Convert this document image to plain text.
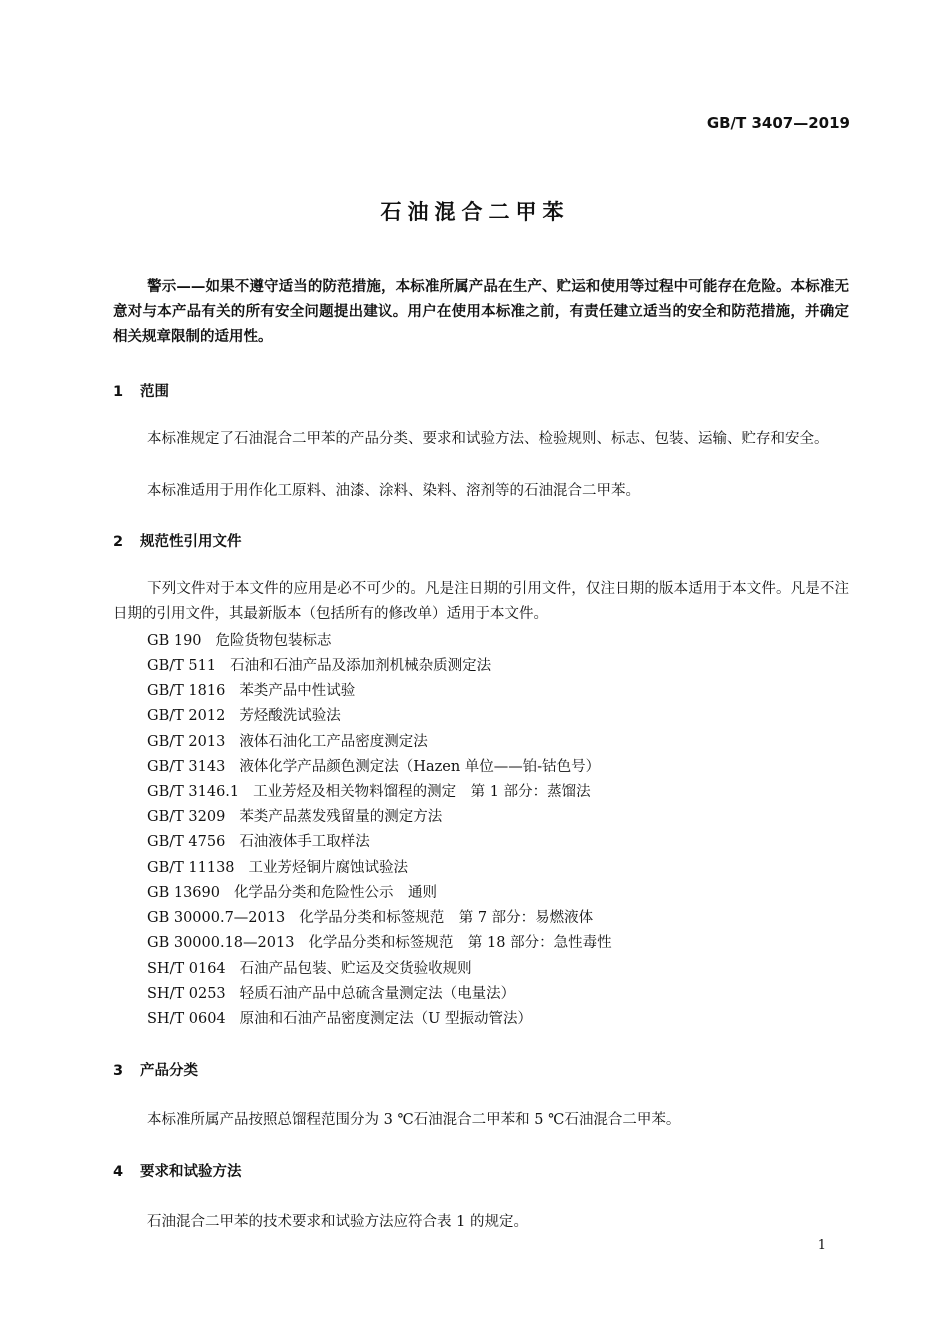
GB/T 3407—2019
石油混合二甲苯
警示——如果不遵守适当的防范措施，本标准所属产品在生产、贮运和使用等过程中可能存在危险。本标准无意对与本产品有关的所有安全问题提出建议。用户在使用本标准之前，有责任建立适当的安全和防范措施，并确定相关规章限制的适用性。
1 范围
本标准规定了石油混合二甲苯的产品分类、要求和试验方法、检验规则、标志、包装、运输、贮存和安全。
本标准适用于用作化工原料、油漆、涂料、染料、溶剂等的石油混合二甲苯。
2 规范性引用文件
下列文件对于本文件的应用是必不可少的。凡是注日期的引用文件，仅注日期的版本适用于本文件。凡是不注日期的引用文件，其最新版本（包括所有的修改单）适用于本文件。
GB 190 危险货物包装标志
GB/T 511 石油和石油产品及添加剂机械杂质测定法
GB/T 1816 苯类产品中性试验
GB/T 2012 芳烃酸洗试验法
GB/T 2013 液体石油化工产品密度测定法
GB/T 3143 液体化学产品颜色测定法（Hazen 单位——铂-钴色号）
GB/T 3146.1 工业芳烃及相关物料馏程的测定　第 1 部分：蒸馏法
GB/T 3209 苯类产品蒸发残留量的测定方法
GB/T 4756 石油液体手工取样法
GB/T 11138 工业芳烃铜片腐蚀试验法
GB 13690 化学品分类和危险性公示　通则
GB 30000.7—2013 化学品分类和标签规范　第 7 部分：易燃液体
GB 30000.18—2013 化学品分类和标签规范　第 18 部分：急性毒性
SH/T 0164 石油产品包装、贮运及交货验收规则
SH/T 0253 轻质石油产品中总硫含量测定法（电量法）
SH/T 0604 原油和石油产品密度测定法（U 型振动管法）
3 产品分类
本标准所属产品按照总馏程范围分为 3 ℃石油混合二甲苯和 5 ℃石油混合二甲苯。
4 要求和试验方法
石油混合二甲苯的技术要求和试验方法应符合表 1 的规定。
1
